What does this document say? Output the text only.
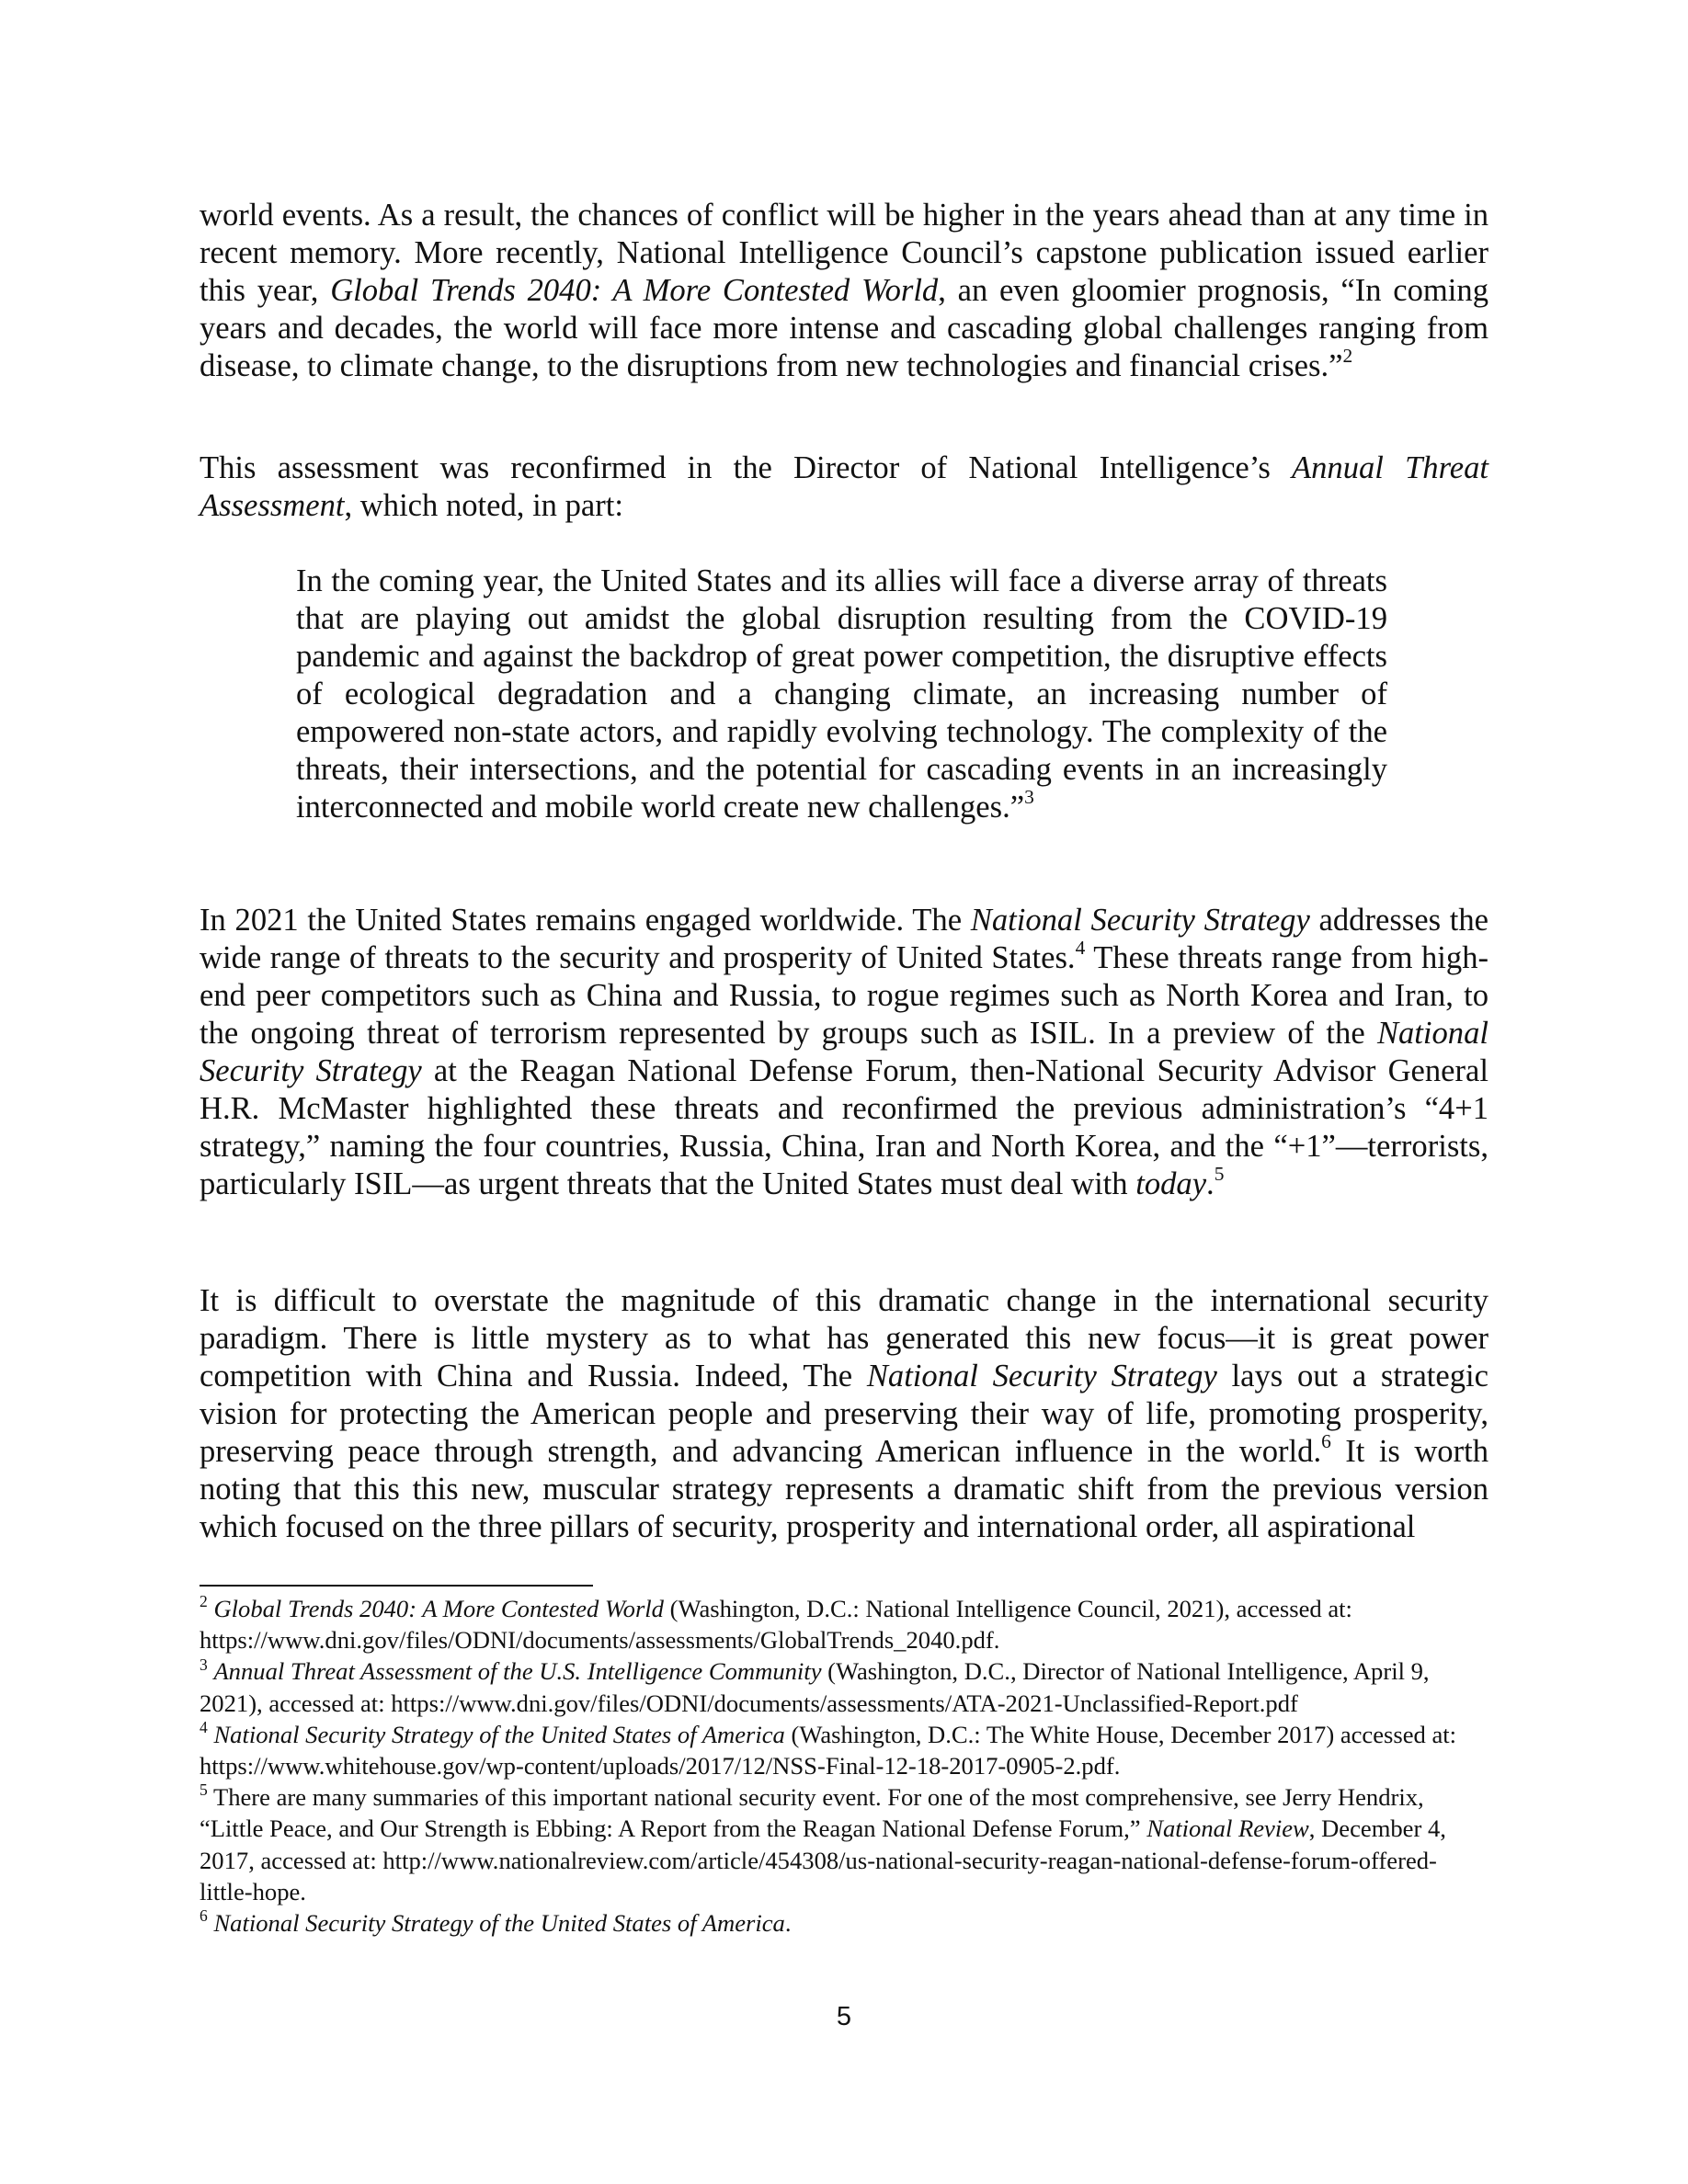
world events. As a result, the chances of conflict will be higher in the years ahead than at any time in recent memory. More recently, National Intelligence Council’s capstone publication issued earlier this year, Global Trends 2040: A More Contested World, an even gloomier prognosis, “In coming years and decades, the world will face more intense and cascading global challenges ranging from disease, to climate change, to the disruptions from new technologies and financial crises.”$^2$

This assessment was reconfirmed in the Director of National Intelligence’s Annual Threat Assessment, which noted, in part:

In the coming year, the United States and its allies will face a diverse array of threats that are playing out amidst the global disruption resulting from the COVID-19 pandemic and against the backdrop of great power competition, the disruptive effects of ecological degradation and a changing climate, an increasing number of empowered non-state actors, and rapidly evolving technology. The complexity of the threats, their intersections, and the potential for cascading events in an increasingly interconnected and mobile world create new challenges.”$^3$

In 2021 the United States remains engaged worldwide. The National Security Strategy addresses the wide range of threats to the security and prosperity of United States.$^4$ These threats range from high-end peer competitors such as China and Russia, to rogue regimes such as North Korea and Iran, to the ongoing threat of terrorism represented by groups such as ISIL. In a preview of the National Security Strategy at the Reagan National Defense Forum, then-National Security Advisor General H.R. McMaster highlighted these threats and reconfirmed the previous administration’s “4+1 strategy,” naming the four countries, Russia, China, Iran and North Korea, and the “+1”—terrorists, particularly ISIL—as urgent threats that the United States must deal with today.$^5$

It is difficult to overstate the magnitude of this dramatic change in the international security paradigm. There is little mystery as to what has generated this new focus—it is great power competition with China and Russia. Indeed, The National Security Strategy lays out a strategic vision for protecting the American people and preserving their way of life, promoting prosperity, preserving peace through strength, and advancing American influence in the world.$^6$ It is worth noting that this this new, muscular strategy represents a dramatic shift from the previous version which focused on the three pillars of security, prosperity and international order, all aspirational

$^2$ Global Trends 2040: A More Contested World (Washington, D.C.: National Intelligence Council, 2021), accessed at: https://www.dni.gov/files/ODNI/documents/assessments/GlobalTrends_2040.pdf.

$^3$ Annual Threat Assessment of the U.S. Intelligence Community (Washington, D.C., Director of National Intelligence, April 9, 2021), accessed at: https://www.dni.gov/files/ODNI/documents/assessments/ATA-2021-Unclassified-Report.pdf

$^4$ National Security Strategy of the United States of America (Washington, D.C.: The White House, December 2017) accessed at: https://www.whitehouse.gov/wp-content/uploads/2017/12/NSS-Final-12-18-2017-0905-2.pdf.

$^5$ There are many summaries of this important national security event. For one of the most comprehensive, see Jerry Hendrix, “Little Peace, and Our Strength is Ebbing: A Report from the Reagan National Defense Forum,” National Review, December 4, 2017, accessed at: http://www.nationalreview.com/article/454308/us-national-security-reagan-national-defense-forum-offered-little-hope.

$^6$ National Security Strategy of the United States of America.

5
